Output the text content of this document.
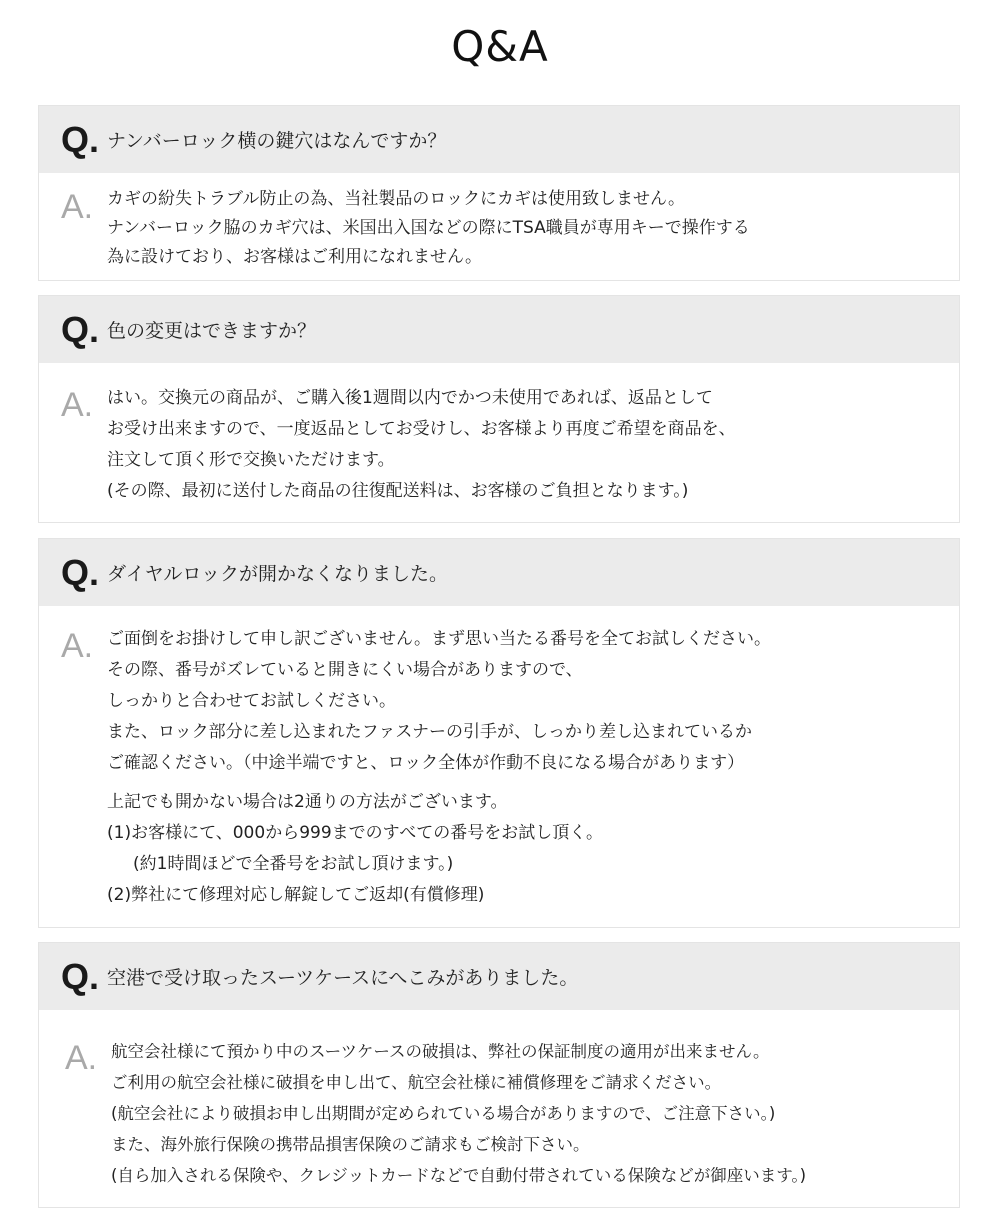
Q&A
Q. ナンバーロック横の鍵穴はなんですか？
A. カギの紛失トラブル防止の為、当社製品のロックにカギは使用致しません。
ナンバーロック脇のカギ穴は、米国出入国などの際にTSA職員が専用キーで操作する
為に設けており、お客様はご利用になれません。
Q. 色の変更はできますか？
A. はい。交換元の商品が、ご購入後1週間以内でかつ未使用であれば、返品として
お受け出来ますので、一度返品としてお受けし、お客様より再度ご希望を商品を、
注文して頂く形で交換いただけます。
(その際、最初に送付した商品の往復配送料は、お客様のご負担となります。)
Q. ダイヤルロックが開かなくなりました。
A. ご面倒をお掛けして申し訳ございません。まず思い当たる番号を全てお試しください。
その際、番号がズレていると開きにくい場合がありますので、
しっかりと合わせてお試しください。
また、ロック部分に差し込まれたファスナーの引手が、しっかり差し込まれているか
ご確認ください。（中途半端ですと、ロック全体が作動不良になる場合があります）
上記でも開かない場合は2通りの方法がございます。
(1)お客様にて、000から999までのすべての番号をお試し頂く。
(約1時間ほどで全番号をお試し頂けます。)
(2)弊社にて修理対応し解錠してご返却(有償修理)
Q. 空港で受け取ったスーツケースにへこみがありました。
A. 航空会社様にて預かり中のスーツケースの破損は、弊社の保証制度の適用が出来ません。
ご利用の航空会社様に破損を申し出て、航空会社様に補償修理をご請求ください。
(航空会社により破損お申し出期間が定められている場合がありますので、ご注意下さい。)
また、海外旅行保険の携帯品損害保険のご請求もご検討下さい。
(自ら加入される保険や、クレジットカードなどで自動付帯されている保険などが御座います。)
